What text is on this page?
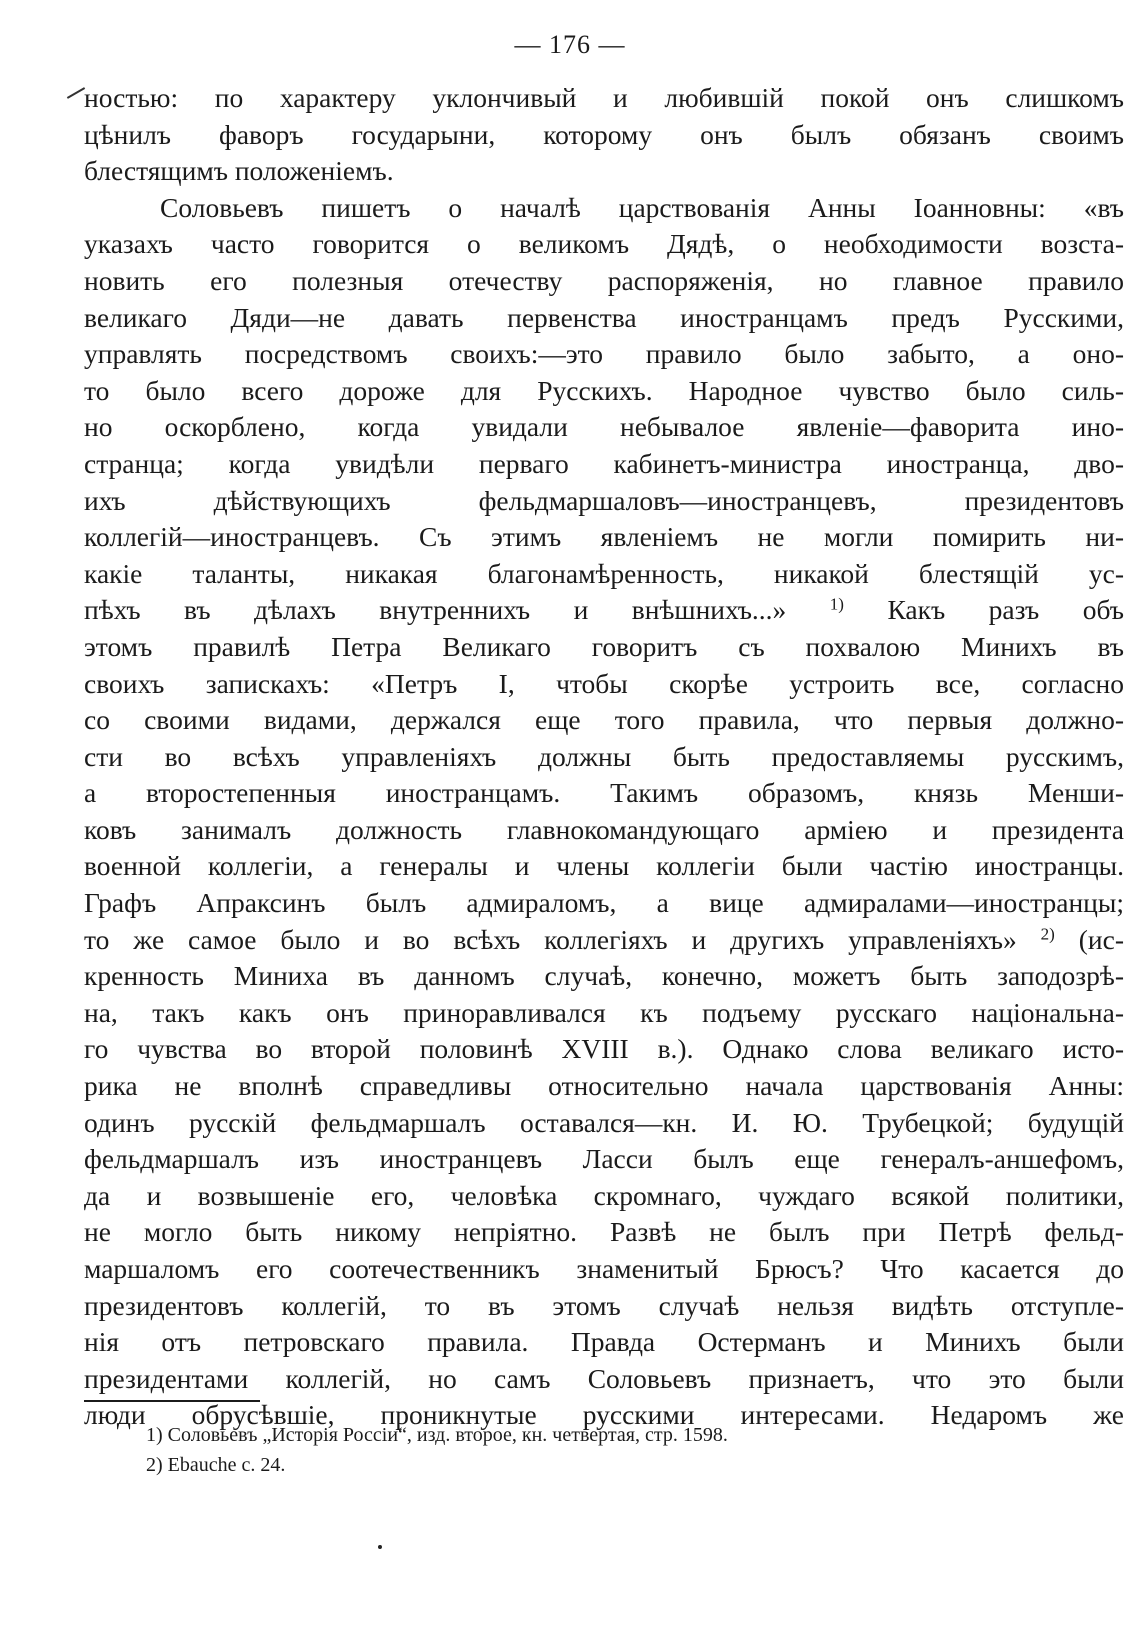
— 176 —
ностью: по характеру уклончивый и любившій покой онъ слишкомъ
цѣнилъ фаворъ государыни, которому онъ былъ обязанъ своимъ
блестящимъ положеніемъ.
Соловьевъ пишетъ о началѣ царствованія Анны Іоанновны: «въ
указахъ часто говорится о великомъ Дядѣ, о необходимости возста-
новить его полезныя отечеству распоряженія, но главное правило
великаго Дяди—не давать первенства иностранцамъ предъ Русскими,
управлять посредствомъ своихъ:—это правило было забыто, а оно-
то было всего дороже для Русскихъ. Народное чувство было силь-
но оскорблено, когда увидали небывалое явленіе—фаворита ино-
странца; когда увидѣли перваго кабинетъ-министра иностранца, дво-
ихъ дѣйствующихъ фельдмаршаловъ—иностранцевъ, президентовъ
коллегій—иностранцевъ. Съ этимъ явленіемъ не могли помирить ни-
какіе таланты, никакая благонамѣренность, никакой блестящій ус-
пѣхъ въ дѣлахъ внутреннихъ и внѣшнихъ...»	$^{1)}$ Какъ разъ объ
этомъ правилѣ Петра Великаго говоритъ съ похвалою Минихъ въ
своихъ запискахъ: «Петръ I, чтобы скорѣе устроить все, согласно
со своими видами, держался еще того правила, что первыя должно-
сти во всѣхъ управленіяхъ должны быть предоставляемы русскимъ,
а второстепенныя иностранцамъ. Такимъ образомъ, князь Менши-
ковъ занималъ должность главнокомандующаго арміею и президента
военной коллегіи, а генералы и члены коллегіи были частію иностранцы.
Графъ Апраксинъ былъ адмираломъ, а вице адмиралами—иностранцы;
то же самое было и во всѣхъ коллегіяхъ и другихъ управленіяхъ» $^{2)}$ (ис-
кренность Миниха въ данномъ случаѣ, конечно, можетъ быть заподозрѣ-
на, такъ какъ онъ приноравливался къ подъему русскаго національна-
го чувства во второй половинѣ XVIII в.). Однако слова великаго исто-
рика не вполнѣ справедливы относительно начала царствованія Анны:
одинъ русскій фельдмаршалъ оставался—кн. И. Ю. Трубецкой; будущій
фельдмаршалъ изъ иностранцевъ Ласси былъ еще генералъ-аншефомъ,
да и возвышеніе его, человѣка скромнаго, чуждаго всякой политики,
не могло быть никому непріятно. Развѣ не былъ при Петрѣ фельд-
маршаломъ его соотечественникъ знаменитый Брюсъ? Что касается до
президентовъ коллегій, то въ этомъ случаѣ нельзя видѣть отступле-
нія отъ петровскаго правила. Правда Остерманъ и Минихъ были
президентами коллегій, но самъ Соловьевъ признаетъ, что это были
люди обрусѣвшіе, проникнутые русскими интересами. Недаромъ же
1) Соловьевъ „Исторія Россіи“, изд. второе, кн. четвертая, стр. 1598.
2) Ebauche c. 24.
